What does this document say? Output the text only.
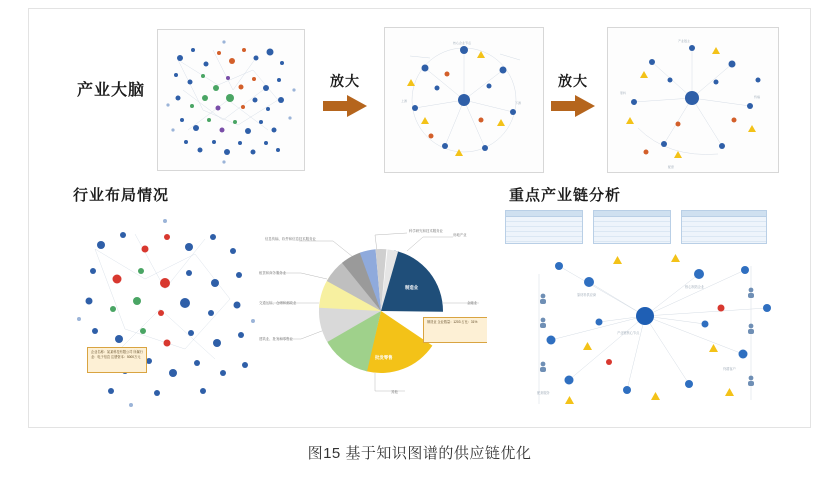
产业大脑
放大
核心企业节点
上游	下游
放大
产业链主
原料
终端
配套
行业布局情况	重点产业链分析
企业名称：某某科技有限公司 所属行业：电子信息 注册资本：5000万元
科学研究和技术服务业
信息传输、软件和信息技术服务业
租赁和商务服务业
交通运输、仓储和邮政业
建筑业、批发和零售业
房地产业
金融业
其他
制造业
批发零售
制造业 企业数量：1203 占比：31%
原材料供应商
核心制造企业
产业链核心节点
配套服务
终端客户
图15 基于知识图谱的供应链优化
